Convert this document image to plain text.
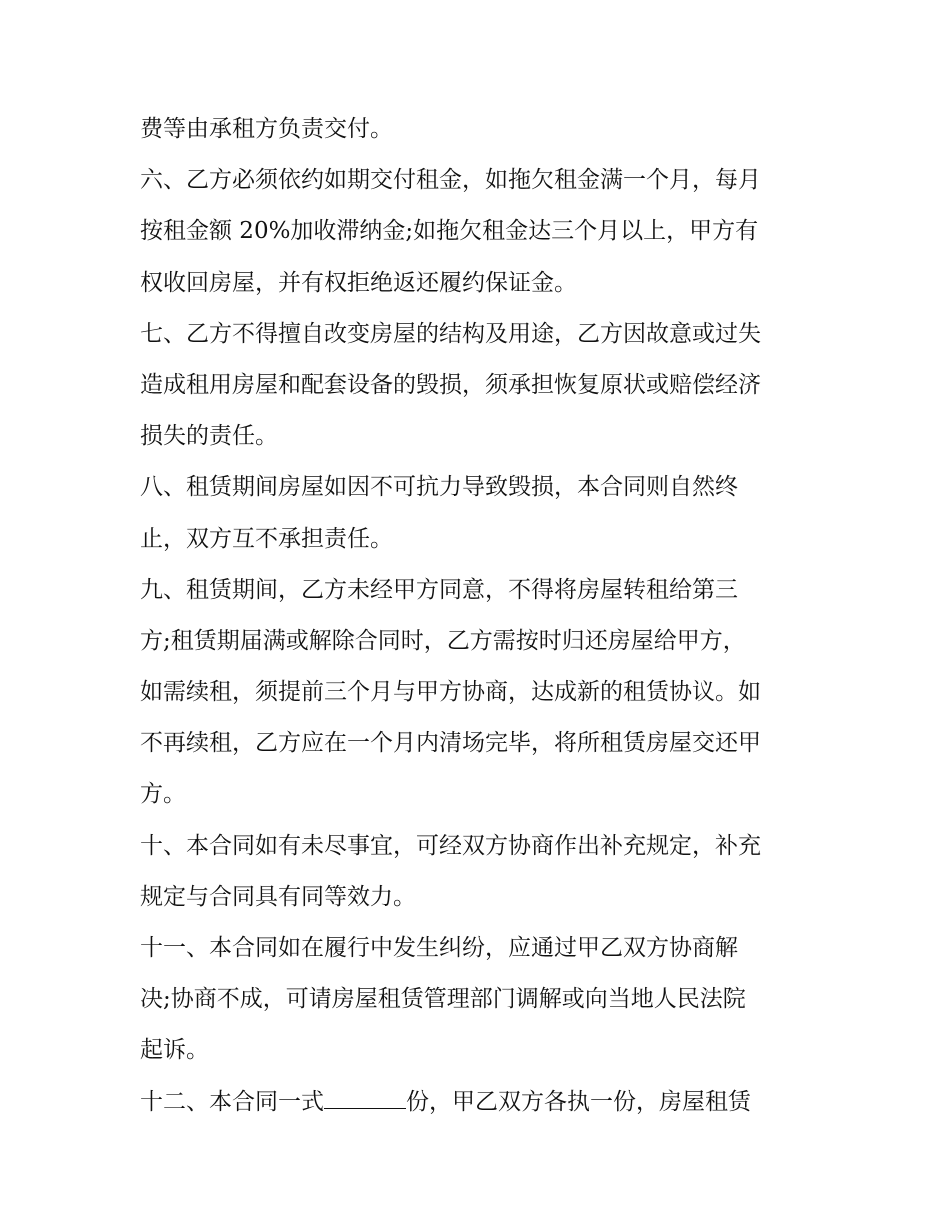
费等由承租方负责交付。
六、乙方必须依约如期交付租金，如拖欠租金满一个月，每月
按租金额 20%加收滞纳金;如拖欠租金达三个月以上，甲方有
权收回房屋，并有权拒绝返还履约保证金。
七、乙方不得擅自改变房屋的结构及用途，乙方因故意或过失
造成租用房屋和配套设备的毁损，须承担恢复原状或赔偿经济
损失的责任。
八、租赁期间房屋如因不可抗力导致毁损，本合同则自然终
止，双方互不承担责任。
九、租赁期间，乙方未经甲方同意，不得将房屋转租给第三
方;租赁期届满或解除合同时，乙方需按时归还房屋给甲方，
如需续租，须提前三个月与甲方协商，达成新的租赁协议。如
不再续租，乙方应在一个月内清场完毕，将所租赁房屋交还甲
方。
十、本合同如有未尽事宜，可经双方协商作出补充规定，补充
规定与合同具有同等效力。
十一、本合同如在履行中发生纠纷，应通过甲乙双方协商解
决;协商不成，可请房屋租赁管理部门调解或向当地人民法院
起诉。
十二、本合同一式	份，甲乙双方各执一份，房屋租赁
